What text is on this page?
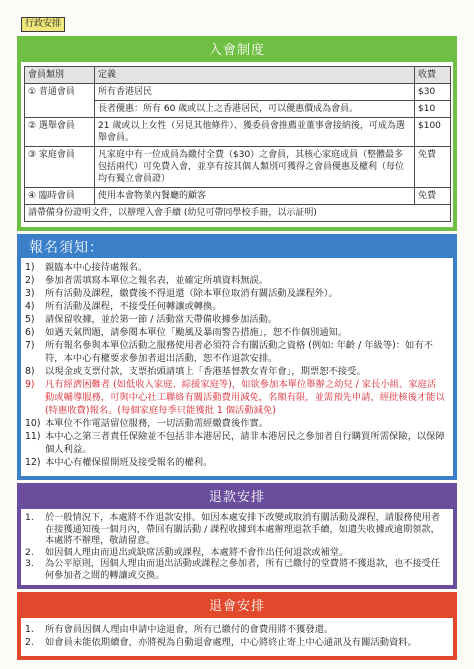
行政安排
入會制度
會員類別	定義	收費
① 普通會員	所有香港居民	$30
	長者優惠：所有 60 歲或以上之香港居民，可以優惠價成為會員。	$10
② 選舉會員	21 歲或以上女性（另見其他條件）、獲委員會推薦並董事會接納後，可成為選舉會員。	$100
③ 家庭會員	凡家庭中有一位成員為繳付全費（$30）之會員，其核心家庭成員（整體最多包括兩代）可免費入會，並享有按其個人類別可獲得之會員優惠及權利（每位均有獨立會員證）	免費
④ 臨時會員	使用本會物業內餐廳的顧客	免費
請帶備身份證明文件，以辦理入會手續 (幼兒可帶同學校手冊，以示証明)		
報名須知：
1)	親臨本中心接待處報名。
2)	參加者需填寫本單位之報名表，並確定所填資料無誤。
3)	所有活動及課程，繳費後不得退還（除本單位取消有關活動及課程外）。
4)	所有活動及課程，不接受任何轉讓或轉換。
5)	請保留收據，並於第一節 / 活動當天帶備收據參加活動。
6)	如遇天氣問題，請參閱本單位「颱風及暴雨警告措施」，恕不作個別通知。
7)	所有報名參與本單位活動之服務使用者必須符合有關活動之資格 (例如: 年齡 / 年級等)：如有不符，本中心有權要求參加者退出活動，恕不作退款安排。
8)	以現金或支票付款，支票抬頭請填上「香港基督教女青年會」，期票恕不接受。
9)	凡有經濟困難者 (如低收入家庭、綜援家庭等)，如欲參加本單位舉辦之幼兒 / 家長小組、家庭活動或輔導服務，可與中心社工聯絡有關活動費用減免，名額有限，並需預先申請，經批核後才能以(特惠收費)報名。(每個家庭每季只能獲批 1 個活動減免)
10) 本單位不作電話留位服務，一切活動需經繳費後作實。
11) 本中心之第三者責任保險並不包括非本港居民，請非本港居民之參加者自行購買所需保險，以保障個人利益。
12) 本中心有權保留開班及接受報名的權利。
退款安排
1.	於一般情況下，本處將不作退款安排。如因本處安排下改變或取消有關活動及課程，請服務使用者在接獲通知後一個月內，帶回有關活動 / 課程收據到本處辦理退款手續，如遺失收據或逾期領款，本處將不辦理，敬請留意。
2.	如因個人理由而退出或缺席活動或課程，本處將不會作出任何退款或補堂。
3.	為公平原則，因個人理由而退出活動或課程之參加者，所有已繳付的堂費將不獲退款，也不接受任何參加者之間的轉讓或交換。
退會安排
1.	所有會員因個人理由申請中途退會，所有已繳付的會費用將不獲發還。
2.	如會員未能依期續會，亦將視為自動退會處理，中心將終止寄上中心通訊及有關活動資料。
